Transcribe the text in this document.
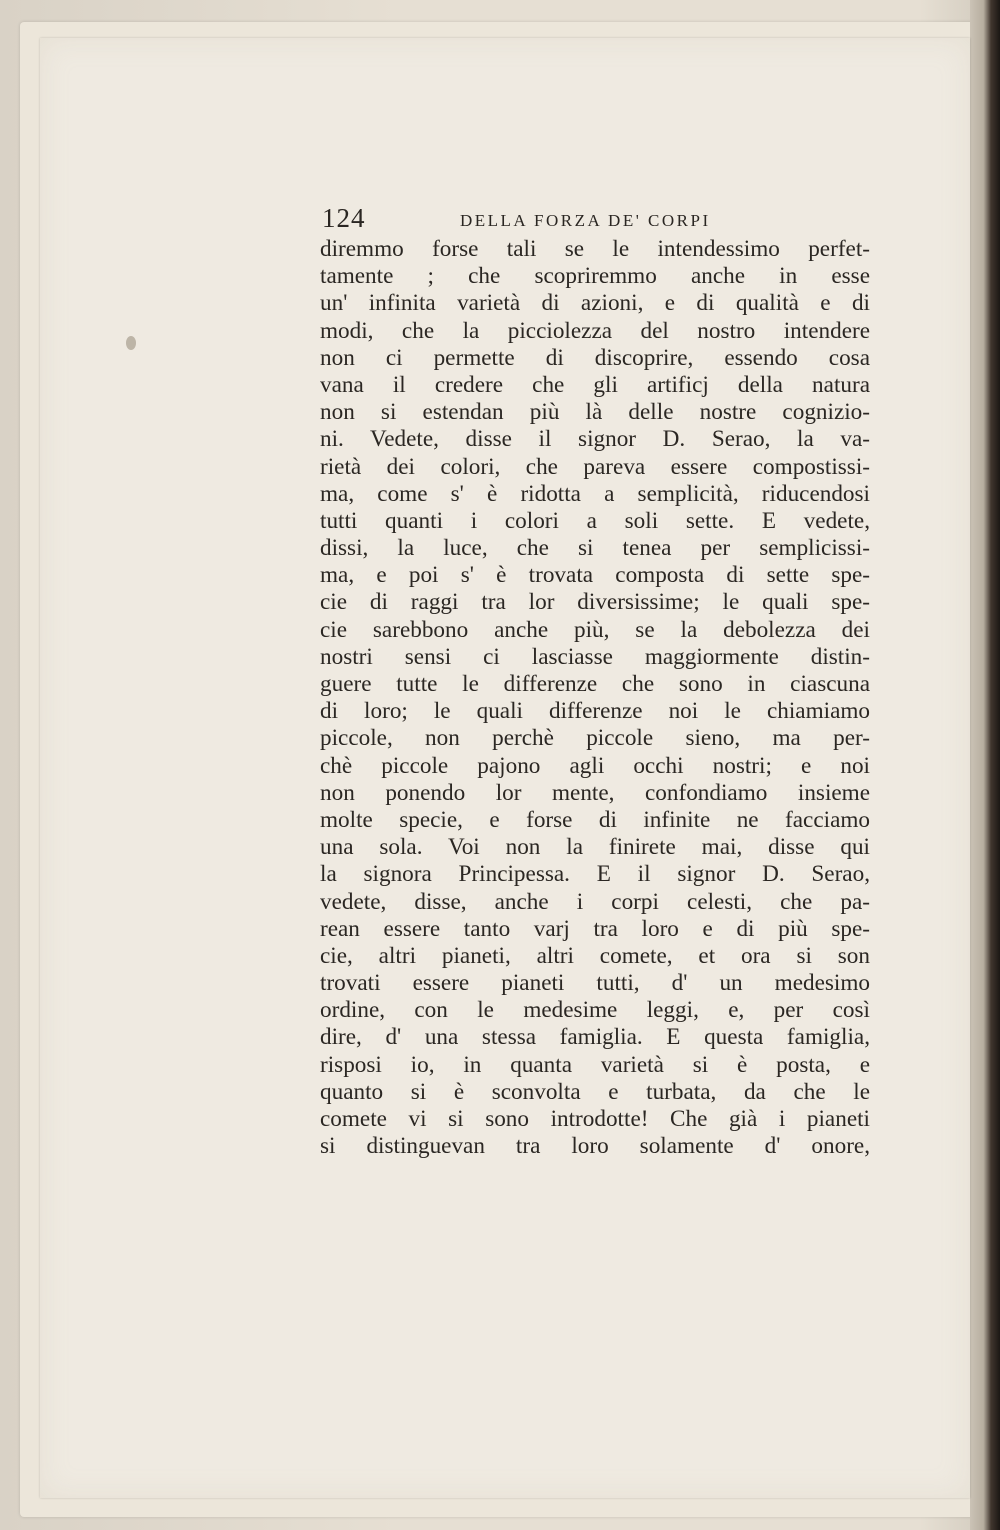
124	DELLA FORZA DE' CORPI
diremmo forse tali se le intendessimo perfet-
tamente ; che scopriremmo anche in esse
un' infinita varietà di azioni, e di qualità e di
modi, che la picciolezza del nostro intendere
non ci permette di discoprire, essendo cosa
vana il credere che gli artificj della natura
non si estendan più là delle nostre cognizio-
ni. Vedete, disse il signor D. Serao, la va-
rietà dei colori, che pareva essere compostissi-
ma, come s' è ridotta a semplicità, riducendosi
tutti quanti i colori a soli sette. E vedete,
dissi, la luce, che si tenea per semplicissi-
ma, e poi s' è trovata composta di sette spe-
cie di raggi tra lor diversissime; le quali spe-
cie sarebbono anche più, se la debolezza dei
nostri sensi ci lasciasse maggiormente distin-
guere tutte le differenze che sono in ciascuna
di loro; le quali differenze noi le chiamiamo
piccole, non perchè piccole sieno, ma per-
chè piccole pajono agli occhi nostri; e noi
non ponendo lor mente, confondiamo insieme
molte specie, e forse di infinite ne facciamo
una sola. Voi non la finirete mai, disse qui
la signora Principessa. E il signor D. Serao,
vedete, disse, anche i corpi celesti, che pa-
rean essere tanto varj tra loro e di più spe-
cie, altri pianeti, altri comete, et ora si son
trovati essere pianeti tutti, d' un medesimo
ordine, con le medesime leggi, e, per così
dire, d' una stessa famiglia. E questa famiglia,
risposi io, in quanta varietà si è posta, e
quanto si è sconvolta e turbata, da che le
comete vi si sono introdotte! Che già i pianeti
si distinguevan tra loro solamente d' onore,
